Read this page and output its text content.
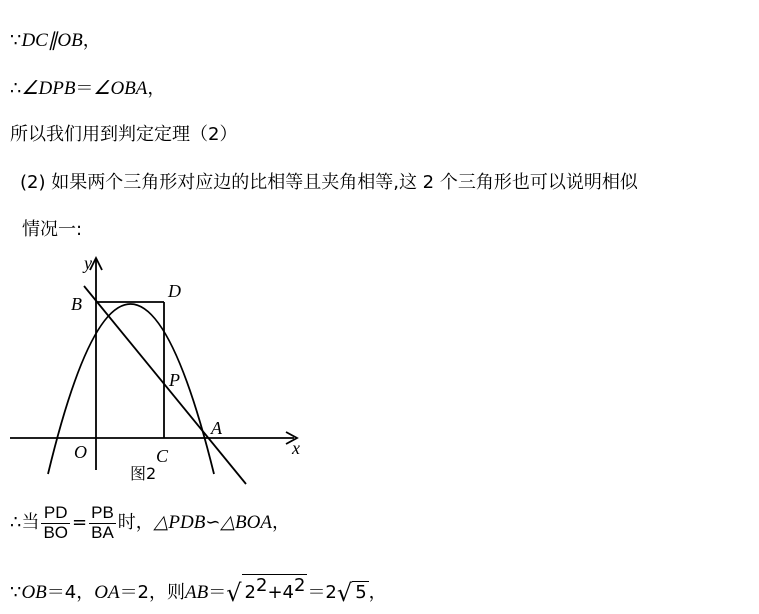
∵DC∥OB，
∴∠DPB＝∠OBA，
所以我们用到判定定理（2）
(2) 如果两个三角形对应边的比相等且夹角相等,这 2 个三角形也可以说明相似
情况一:
y
B
D
P
A
x
O	C
图2
∴当 $\frac{PD}{BO} = \frac{PB}{BA}$ 时，△PDB∽△BOA，
∵OB＝4，OA＝2，则AB＝√ $2^2+4^2 =2√$ 5 ，
